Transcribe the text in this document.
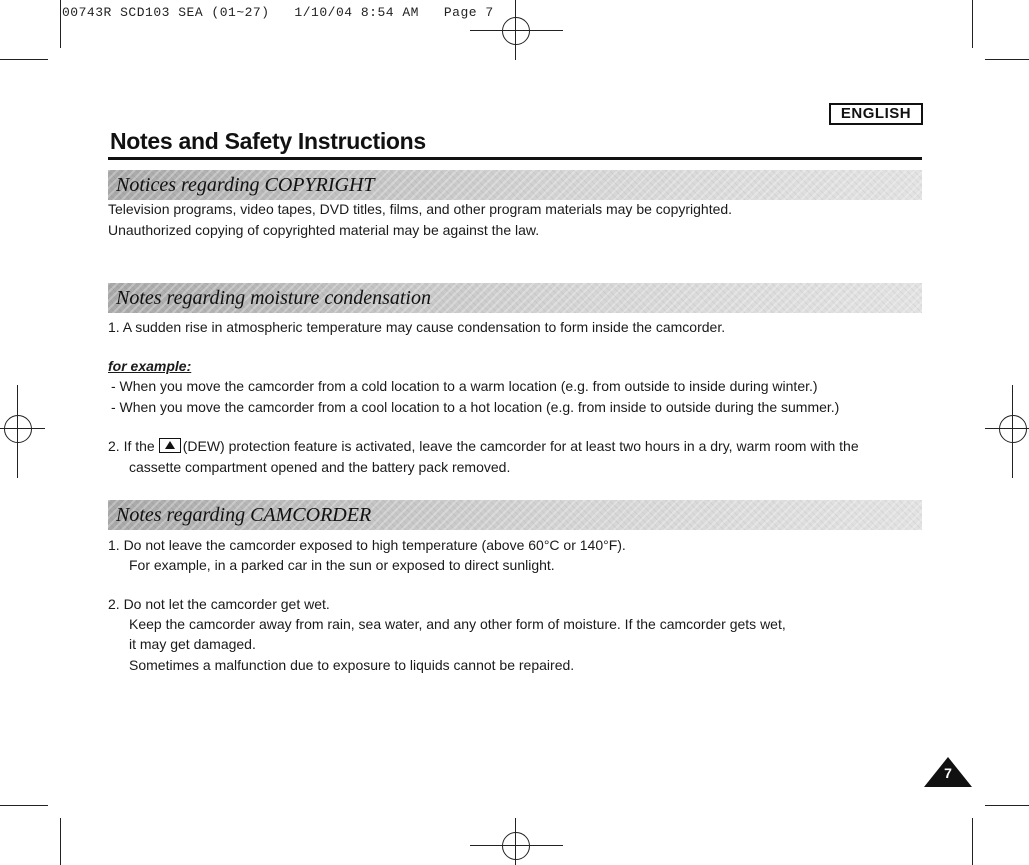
00743R SCD103 SEA (01~27)   1/10/04 8:54 AM   Page 7
ENGLISH
Notes and Safety Instructions
Notices regarding COPYRIGHT
Television programs, video tapes, DVD titles, films, and other program materials may be copyrighted.
Unauthorized copying of copyrighted material may be against the law.
Notes regarding moisture condensation
1. A sudden rise in atmospheric temperature may cause condensation to form inside the camcorder.
for example:
- When you move the camcorder from a cold location to a warm location (e.g. from outside to inside during winter.)
- When you move the camcorder from a cool location to a hot location (e.g. from inside to outside during the summer.)
2. If the (DEW) protection feature is activated, leave the camcorder for at least two hours in a dry, warm room with the
cassette compartment opened and the battery pack removed.
Notes regarding CAMCORDER
1. Do not leave the camcorder exposed to high temperature (above 60°C or 140°F).
For example, in a parked car in the sun or exposed to direct sunlight.
2. Do not let the camcorder get wet.
Keep the camcorder away from rain, sea water, and any other form of moisture. If the camcorder gets wet,
it may get damaged.
Sometimes a malfunction due to exposure to liquids cannot be repaired.
7
